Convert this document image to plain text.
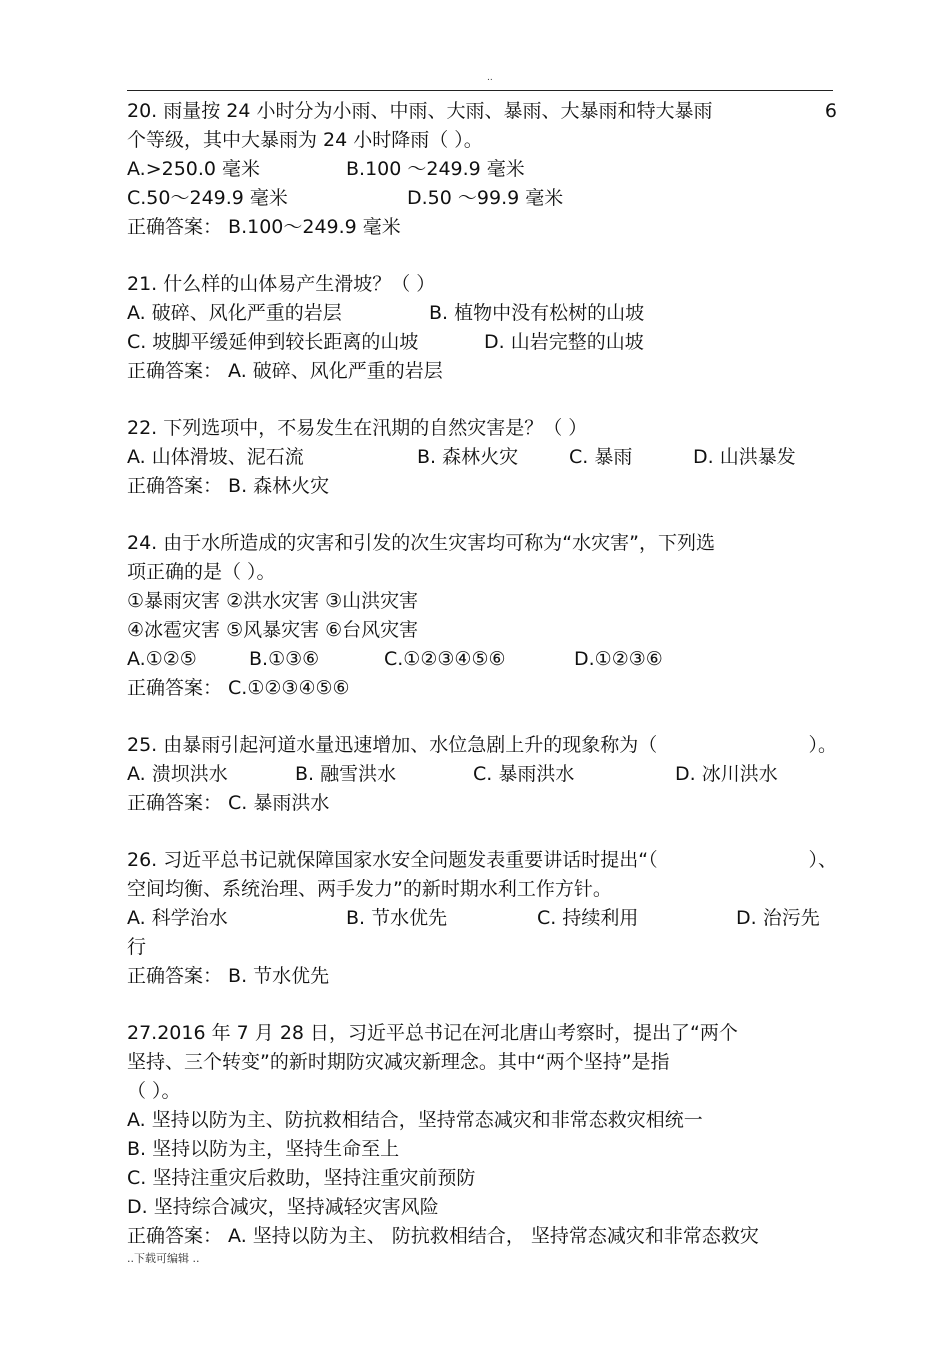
..
20. 雨量按 24 小时分为小雨、中雨、大雨、暴雨、大暴雨和特大暴雨	6
个等级，其中大暴雨为 24 小时降雨（ ）。
A.>250.0 毫米	B.100 ～249.9 毫米
C.50～249.9 毫米	D.50 ～99.9 毫米
正确答案： B.100～249.9 毫米
21. 什么样的山体易产生滑坡？（ ）
A. 破碎、风化严重的岩层	B. 植物中没有松树的山坡
C. 坡脚平缓延伸到较长距离的山坡	D. 山岩完整的山坡
正确答案： A. 破碎、风化严重的岩层
22. 下列选项中，不易发生在汛期的自然灾害是？（ ）
A. 山体滑坡、泥石流	B. 森林火灾	C. 暴雨	D. 山洪暴发
正确答案： B. 森林火灾
24. 由于水所造成的灾害和引发的次生灾害均可称为“水灾害”，下列选
项正确的是（ ）。
①暴雨灾害 ②洪水灾害 ③山洪灾害
④冰雹灾害 ⑤风暴灾害 ⑥台风灾害
A.①②⑤	B.①③⑥	C.①②③④⑤⑥	D.①②③⑥
正确答案： C.①②③④⑤⑥
25. 由暴雨引起河道水量迅速增加、水位急剧上升的现象称为（	）。
A. 溃坝洪水	B. 融雪洪水	C. 暴雨洪水	D. 冰川洪水
正确答案： C. 暴雨洪水
26. 习近平总书记就保障国家水安全问题发表重要讲话时提出“（	）、
空间均衡、系统治理、两手发力”的新时期水利工作方针。
A. 科学治水	B. 节水优先	C. 持续利用	D. 治污先
行
正确答案： B. 节水优先
27.2016 年 7 月 28 日，习近平总书记在河北唐山考察时，提出了“两个
坚持、三个转变”的新时期防灾减灾新理念。其中“两个坚持”是指
（ ）。
A. 坚持以防为主、防抗救相结合，坚持常态减灾和非常态救灾相统一
B. 坚持以防为主，坚持生命至上
C. 坚持注重灾后救助，坚持注重灾前预防
D. 坚持综合减灾，坚持减轻灾害风险
正确答案： A. 坚持以防为主、 防抗救相结合， 坚持常态减灾和非常态救灾
..下载可编辑 ..
